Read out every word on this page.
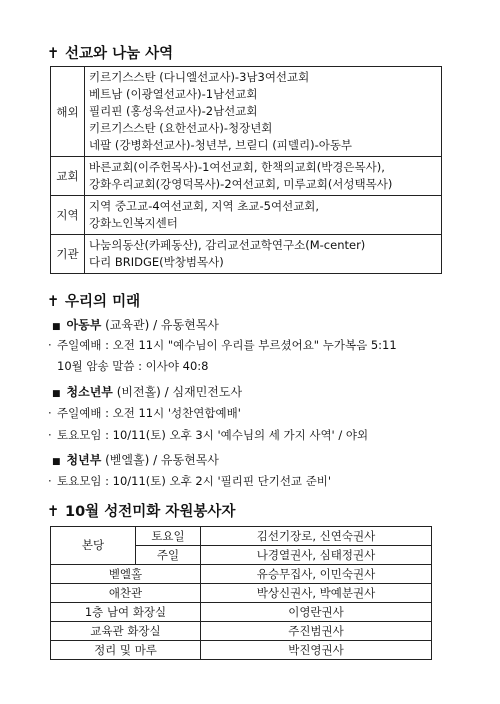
✝ 선교와 나눔 사역
해외	키르기스스탄 (다니엘선교사)-3남3여선교회
베트남 (이광열선교사)-1남선교회
필리핀 (홍성욱선교사)-2남선교회
키르기스스탄 (요한선교사)-청장년회
네팔 (강병화선교사)-청년부, 브릳디 (피델리)-아동부

교회	바른교회(이주헌목사)-1여선교회, 한책의교회(박경은목사),
강화우리교회(강영덕목사)-2여선교회, 미루교회(서성택목사)

지역	지역 중고교-4여선교회, 지역 초교-5여선교회,
강화노인복지센터

기관	나눔의동산(카페동산), 감리교선교학연구소(M-center)
다리 BRIDGE(박창범목사)
✝ 우리의 미래
■ 아동부 (교육관) / 유동현목사
· 주일예배 : 오전 11시 "예수님이 우리를 부르셨어요" 누가복음 5:11
10월 암송 말씀 : 이사야 40:8
■ 청소년부 (비전홀) / 심재민전도사
· 주일예배 : 오전 11시 '성찬연합예배'
· 토요모임 : 10/11(토) 오후 3시 '예수님의 세 가지 사역' / 야외
■ 청년부 (벧엘홀) / 유동현목사
· 토요모임 : 10/11(토) 오후 2시 '필리핀 단기선교 준비'
✝ 10월 성전미화 자원봉사자
본당	토요일	김선기장로, 신연숙권사
	주일	나경열권사, 심태정권사
벧엘홀		유승무집사, 이민숙권사
애찬관		박상신권사, 박예분권사
1층 남여 화장실		이영란권사
교육관 화장실		주진범권사
정리 및 마루		박진영권사
